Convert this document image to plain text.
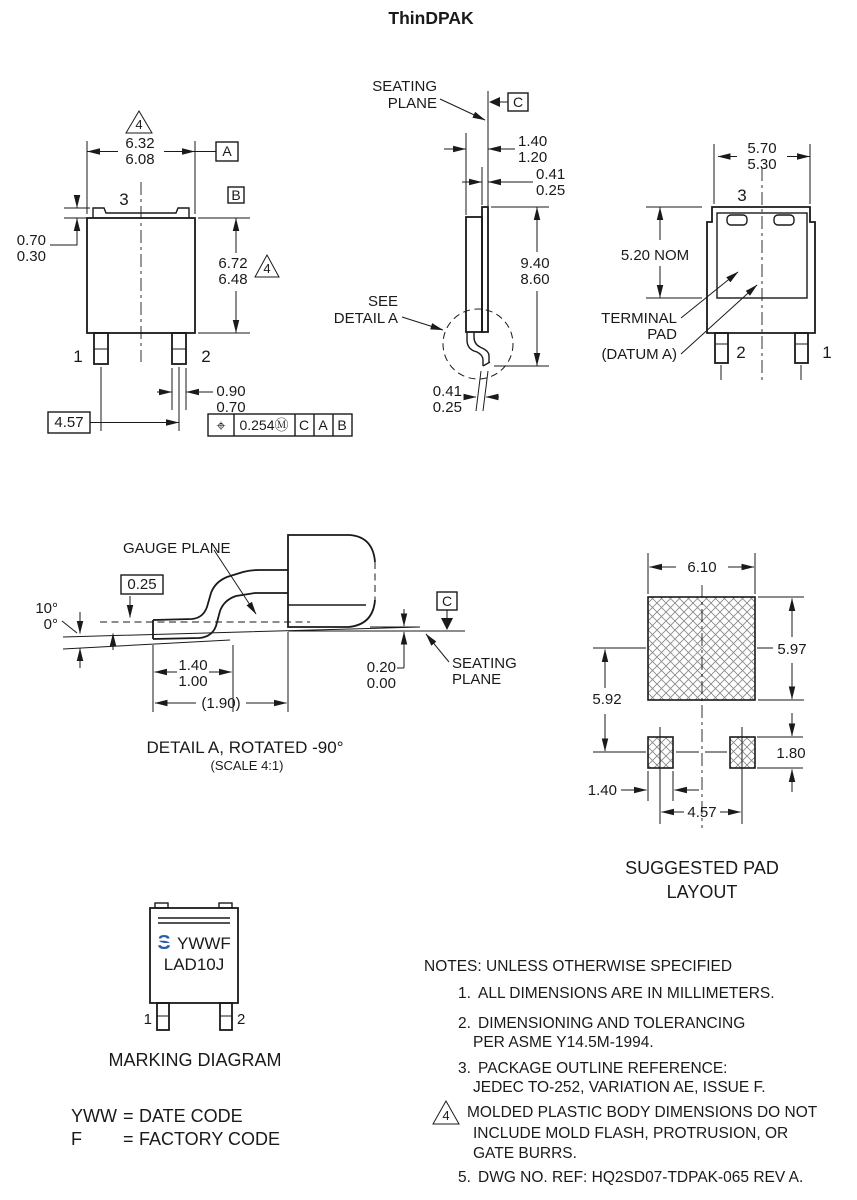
ThinDPAK
4
6.32
6.08	A
B
3
0.70
0.30	6.72
6.48
4
1	2
0.90
0.70
4.57	⌖ 0.254Ⓜ C A B
SEATING
PLANE	C
1.40
1.20
0.41
0.25
SEE
DETAIL A
9.40
8.60
0.41
0.25
5.70
5.30
3
5.20 NOM
TERMINAL
PAD
(DATUM A)	2	1
GAUGE PLANE
0.25
10°
0°
C
SEATING
PLANE
0.20
0.00
1.40
1.00
(1.90)
DETAIL A, ROTATED -90°
(SCALE 4:1)
6.10
5.97
5.92
1.80
1.40
4.57
SUGGESTED PAD
LAYOUT
YWWF
LAD10J
1	2
MARKING DIAGRAM
YWW = DATE CODE
F = FACTORY CODE
NOTES: UNLESS OTHERWISE SPECIFIED
1. ALL DIMENSIONS ARE IN MILLIMETERS.
2. DIMENSIONING AND TOLERANCING
PER ASME Y14.5M-1994.
3. PACKAGE OUTLINE REFERENCE:
JEDEC TO-252, VARIATION AE, ISSUE F.
4 MOLDED PLASTIC BODY DIMENSIONS DO NOT
INCLUDE MOLD FLASH, PROTRUSION, OR
GATE BURRS.
5. DWG NO. REF: HQ2SD07-TDPAK-065 REV A.
